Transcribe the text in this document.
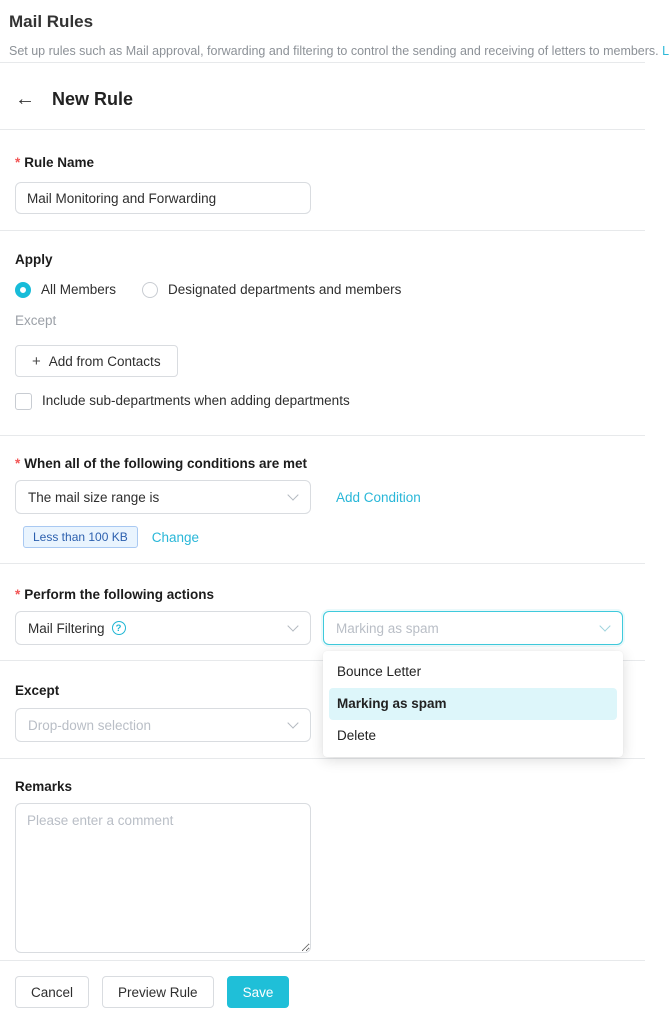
Mail Rules
Set up rules such as Mail approval, forwarding and filtering to control the sending and receiving of letters to members. L
← New Rule
* Rule Name
Mail Monitoring and Forwarding
Apply
All Members	Designated departments and members
Except
+ Add from Contacts
Include sub-departments when adding departments
* When all of the following conditions are met
The mail size range is	Add Condition
Less than 100 KB	Change
* Perform the following actions
Mail Filtering	?	Marking as spam
Bounce Letter
Marking as spam
Delete
Except
Drop-down selection
Remarks
Please enter a comment
Cancel	Preview Rule	Save
